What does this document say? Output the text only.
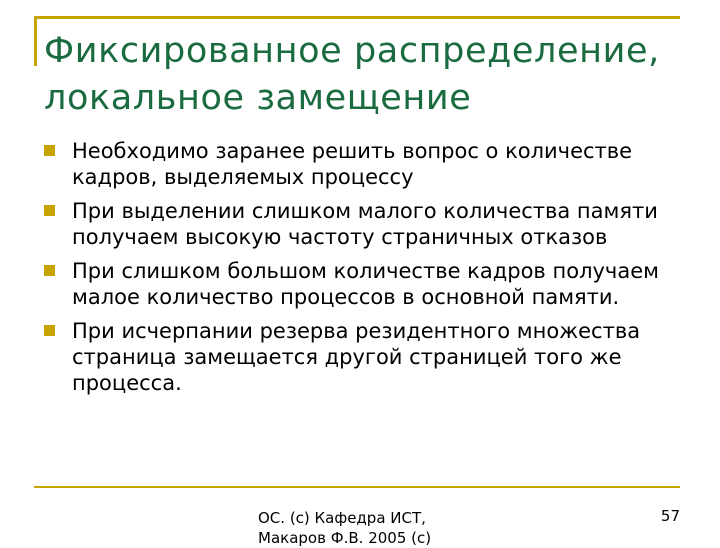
Фиксированное распределение, локальное замещение
Необходимо заранее решить вопрос о количестве кадров, выделяемых процессу
При выделении слишком малого количества памяти получаем высокую частоту страничных отказов
При слишком большом количестве кадров получаем малое количество процессов в основной памяти.
При исчерпании резерва резидентного множества страница замещается другой страницей того же процесса.
ОС. (с) Кафедра ИСТ, Макаров Ф.В. 2005 (с)
57
